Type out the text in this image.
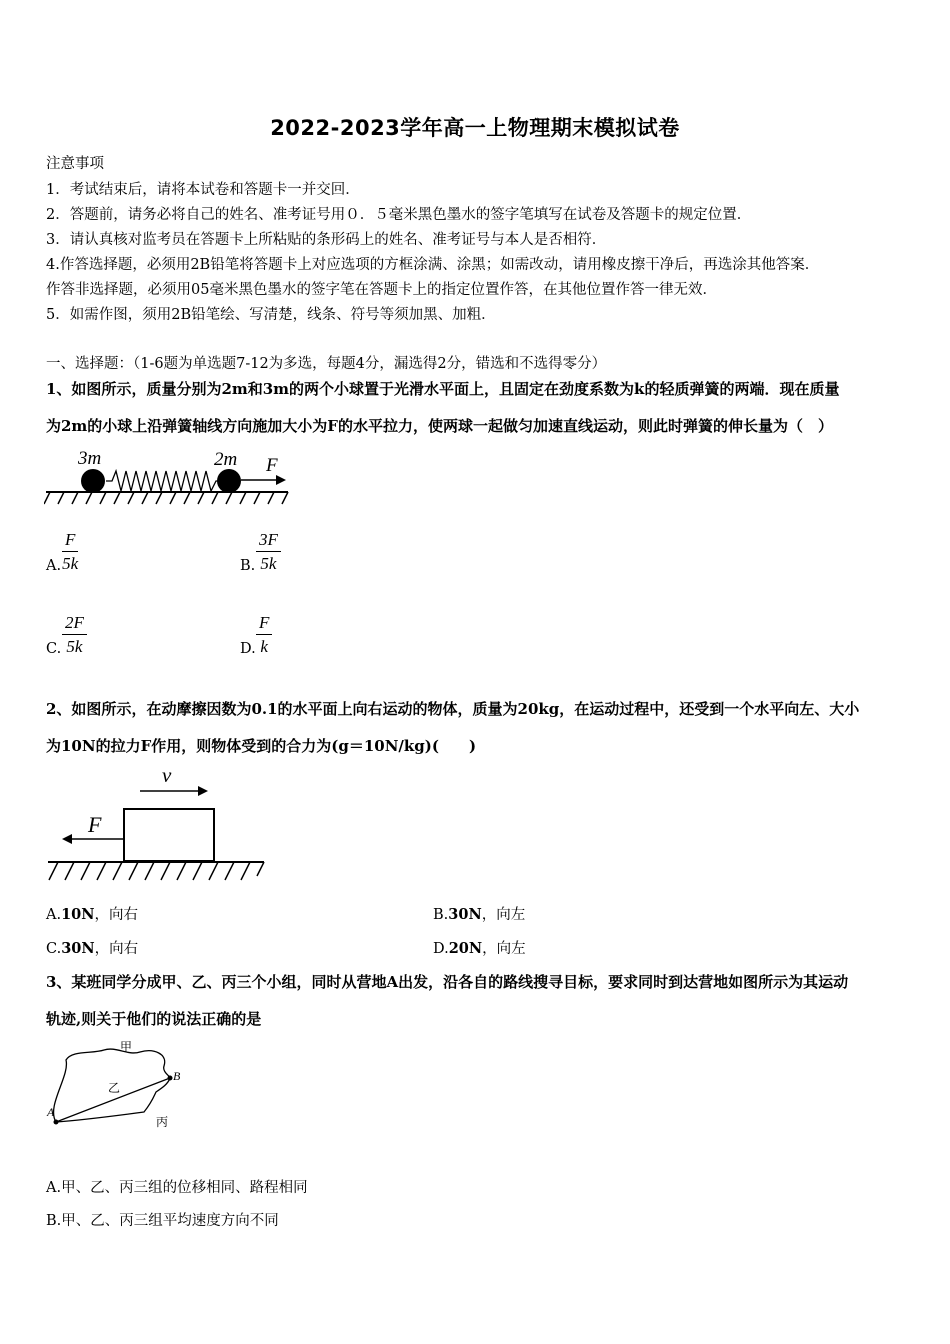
2022-2023学年高一上物理期末模拟试卷
注意事项
1．考试结束后，请将本试卷和答题卡一并交回．
2．答题前，请务必将自己的姓名、准考证号用０．５毫米黑色墨水的签字笔填写在试卷及答题卡的规定位置．
3．请认真核对监考员在答题卡上所粘贴的条形码上的姓名、准考证号与本人是否相符．
4.作答选择题，必须用2B铅笔将答题卡上对应选项的方框涂满、涂黑；如需改动，请用橡皮擦干净后，再选涂其他答案．
作答非选择题，必须用05毫米黑色墨水的签字笔在答题卡上的指定位置作答，在其他位置作答一律无效．
5．如需作图，须用2B铅笔绘、写清楚，线条、符号等须加黑、加粗．
一、选择题：（1-6题为单选题7-12为多选，每题4分，漏选得2分，错选和不选得零分）
1、如图所示，质量分别为2m和3m的两个小球置于光滑水平面上，且固定在劲度系数为k的轻质弹簧的两端．现在质量
为2m的小球上沿弹簧轴线方向施加大小为F的水平拉力，使两球一起做匀加速直线运动，则此时弹簧的伸长量为（　）
3m	2m F
A. $\frac{F}{5k}$	B. $\frac{3F}{5k}$
C. $\frac{2F}{5k}$	D. $\frac{F}{k}$
2、如图所示，在动摩擦因数为0.1的水平面上向右运动的物体，质量为20kg，在运动过程中，还受到一个水平向左、大小
为10N的拉力F作用，则物体受到的合力为(g＝10N/kg)(　　)
v
F
A.10N，向右	B.30N，向左
C.30N，向右	D.20N，向左
3、某班同学分成甲、乙、丙三个小组，同时从营地A出发，沿各自的路线搜寻目标，要求同时到达营地如图所示为其运动
轨迹,则关于他们的说法正确的是
甲
乙
丙
A
B
A.甲、乙、丙三组的位移相同、路程相同
B.甲、乙、丙三组平均速度方向不同
